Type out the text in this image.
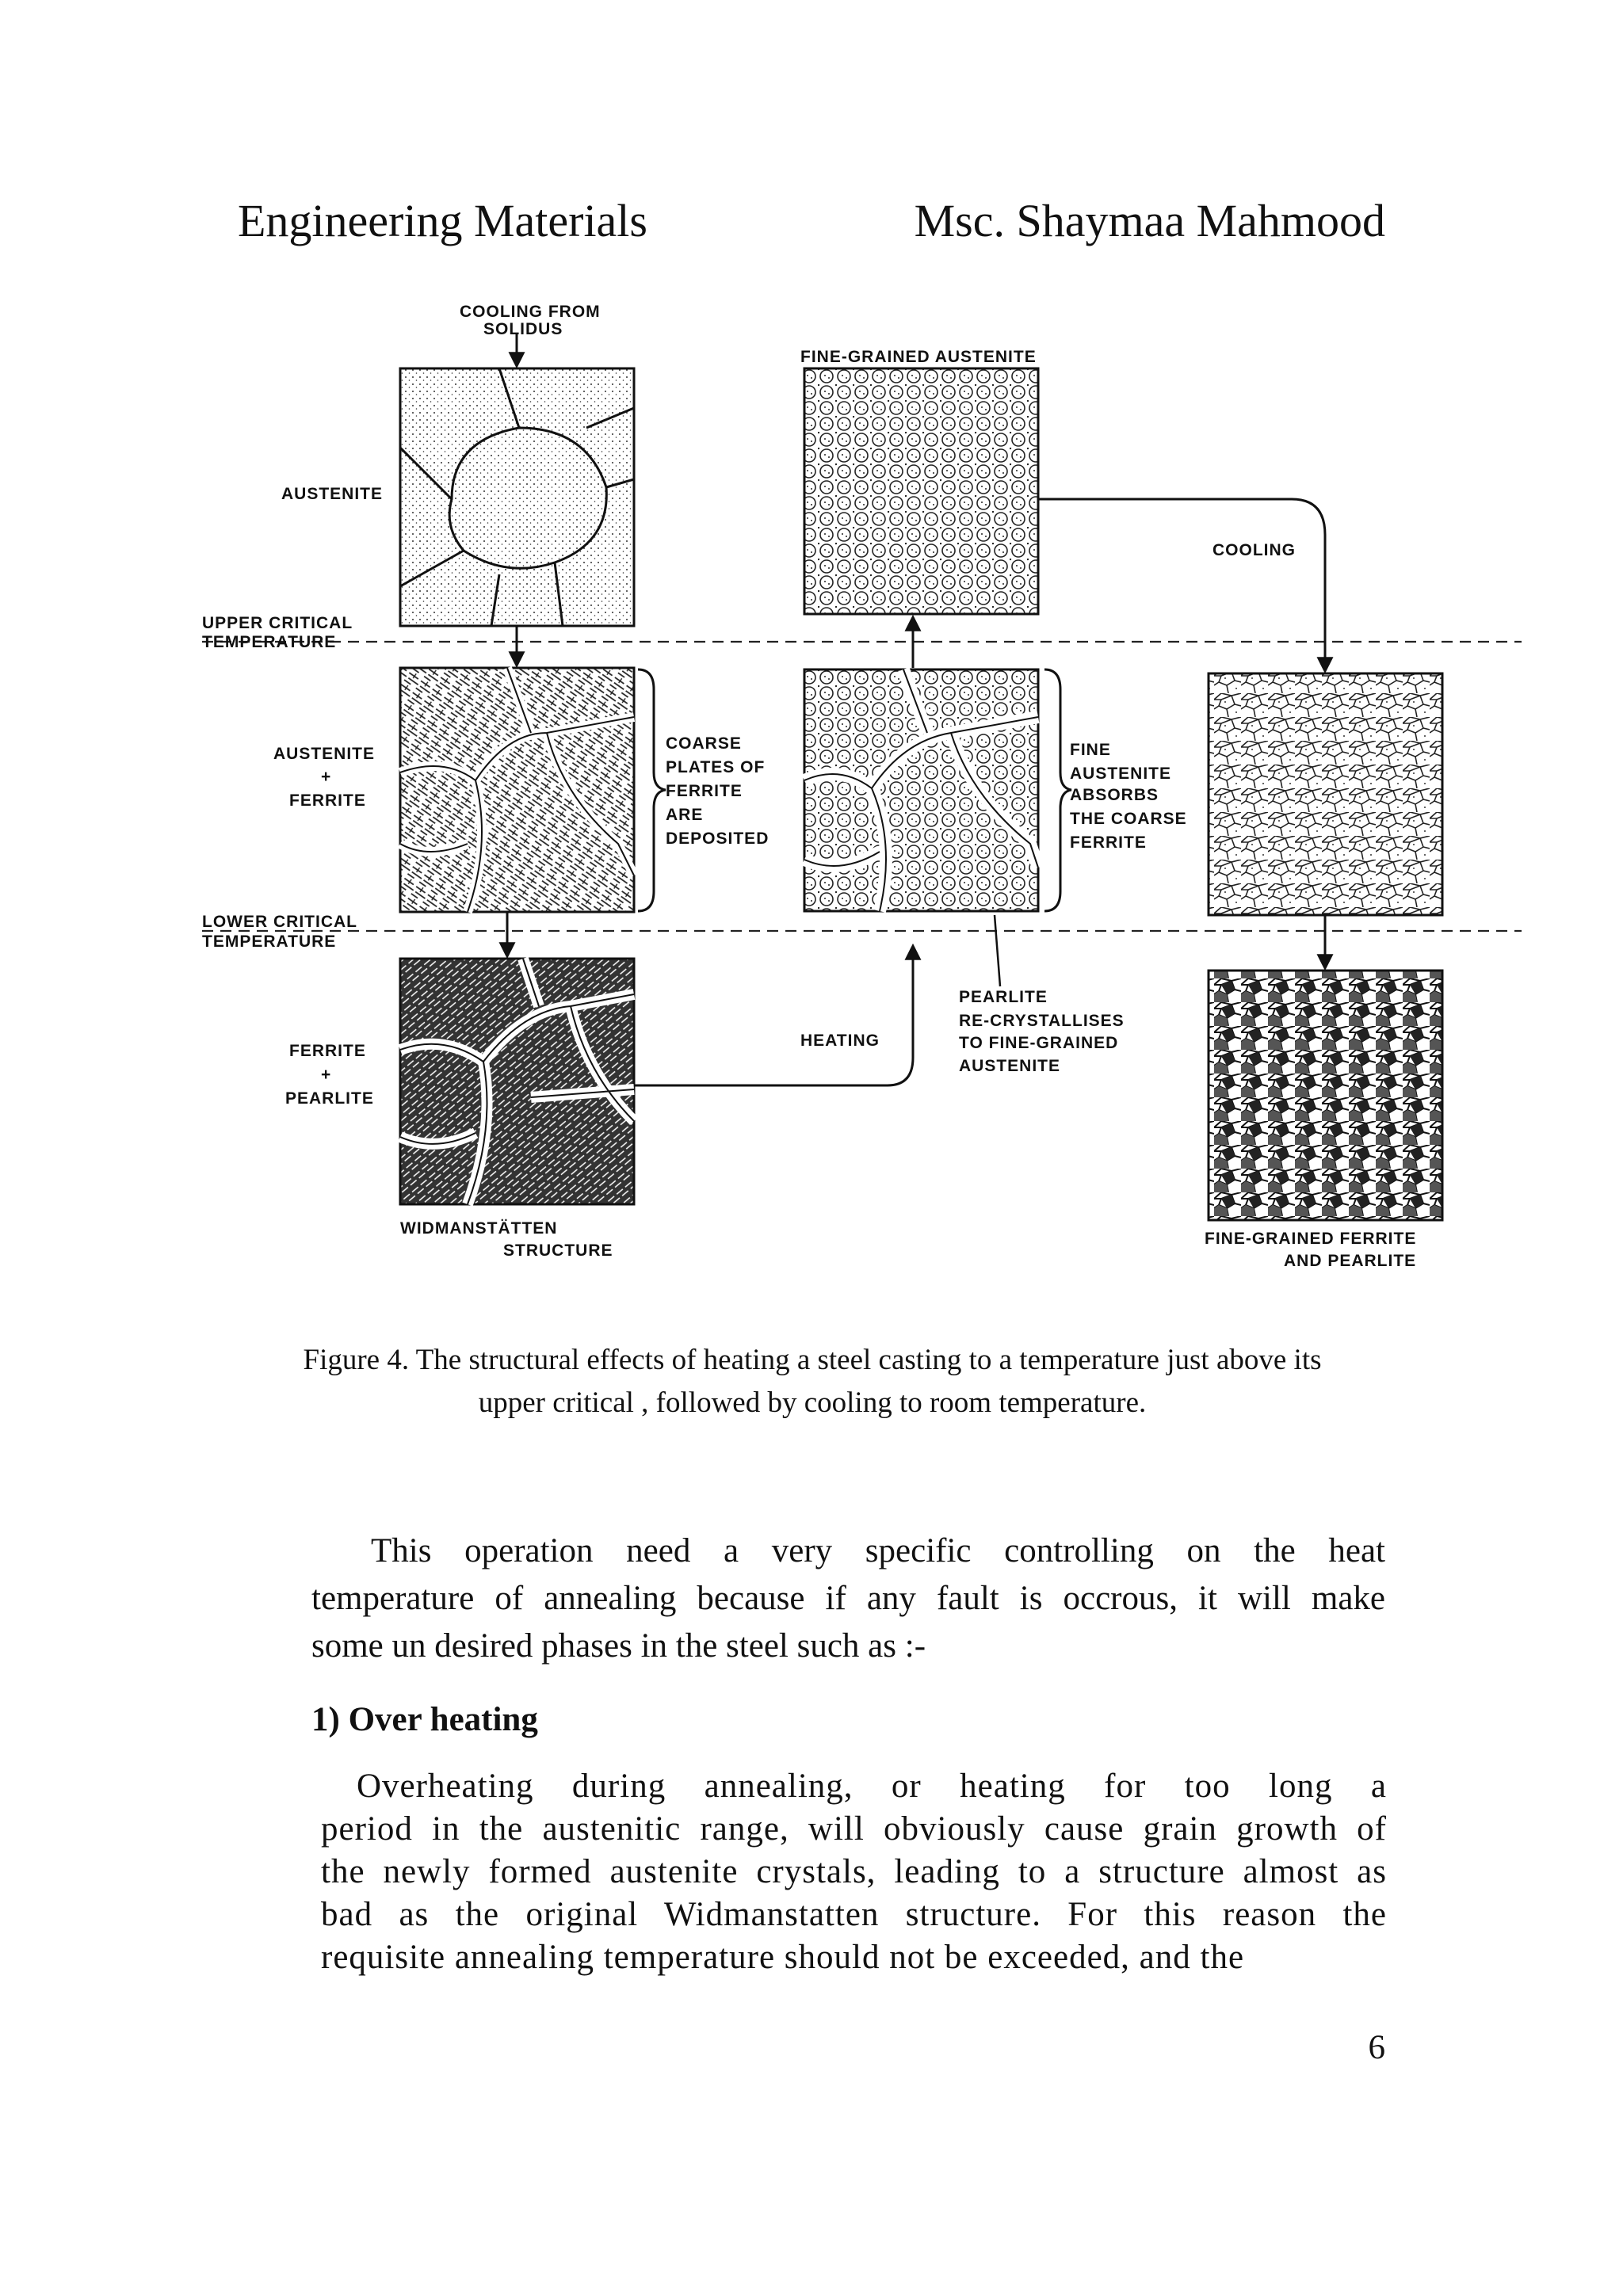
Engineering Materials	Msc. Shaymaa Mahmood
COOLING FROM
SOLIDUS
AUSTENITE
UPPER CRITICAL
TEMPERATURE
AUSTENITE
+
FERRITE
COARSE
PLATES OF
FERRITE
ARE
DEPOSITED
LOWER CRITICAL
TEMPERATURE
FERRITE
+
PEARLITE
WIDMANSTÄTTEN
STRUCTURE
FINE-GRAINED AUSTENITE
FINE
AUSTENITE
ABSORBS
THE COARSE
FERRITE
HEATING
PEARLITE
RE-CRYSTALLISES
TO FINE-GRAINED
AUSTENITE
COOLING
FINE-GRAINED FERRITE
AND PEARLITE
Figure 4. The structural effects of heating a steel casting to a temperature just above its
upper critical , followed by cooling to room temperature.
This operation need a very specific controlling on the heat
temperature of annealing because if any fault is occrous, it will make
some un desired phases in the steel such as :-
1) Over heating
Overheating during annealing, or heating for too long a
period in the austenitic range, will obviously cause grain growth of
the newly formed austenite crystals, leading to a structure almost as
bad as the original Widmanstatten structure. For this reason the
requisite annealing temperature should not be exceeded, and the
6
